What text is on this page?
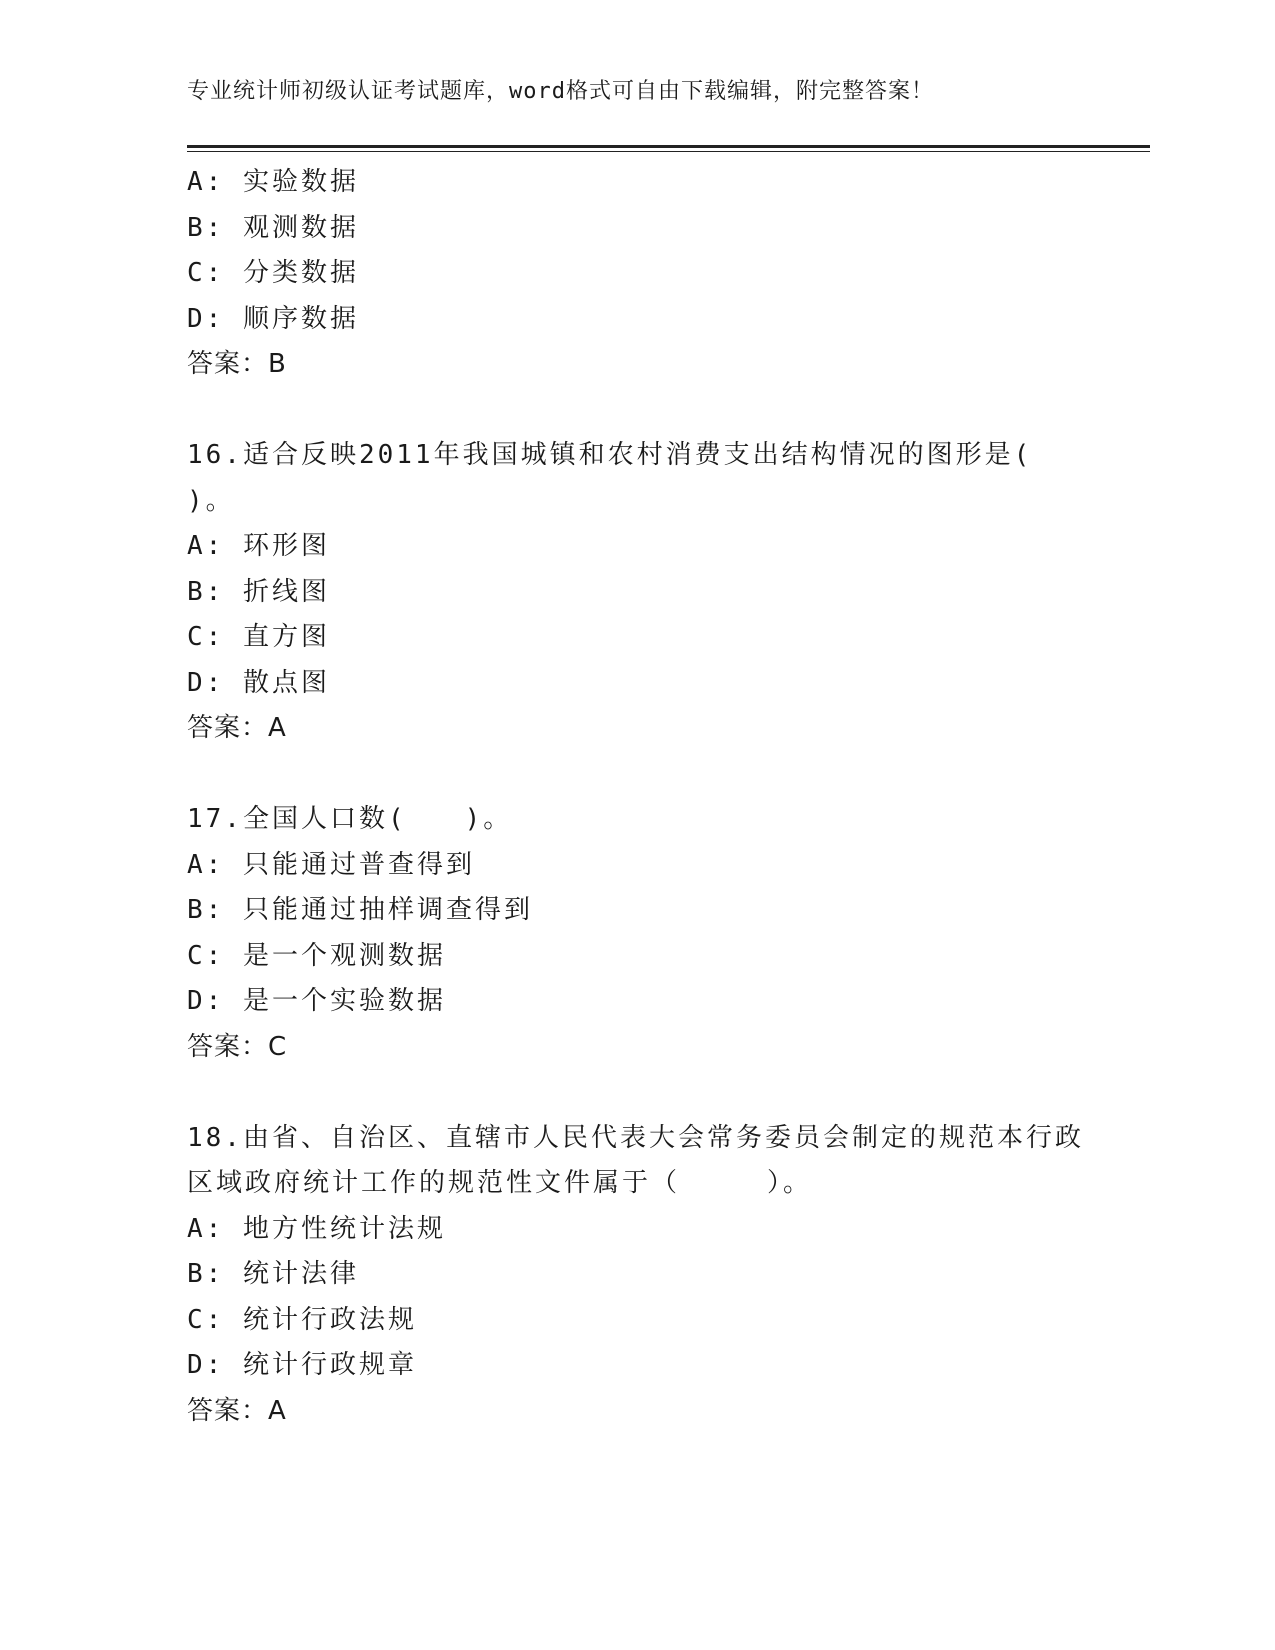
专业统计师初级认证考试题库，word格式可自由下载编辑，附完整答案！
A: 实验数据
B: 观测数据
C: 分类数据
D: 顺序数据
答案：B
16.适合反映2011年我国城镇和农村消费支出结构情况的图形是(
)。
A: 环形图
B: 折线图
C: 直方图
D: 散点图
答案：A
17.全国人口数(　　)。
A: 只能通过普查得到
B: 只能通过抽样调查得到
C: 是一个观测数据
D: 是一个实验数据
答案：C
18.由省、自治区、直辖市人民代表大会常务委员会制定的规范本行政
区域政府统计工作的规范性文件属于（　　　）。
A: 地方性统计法规
B: 统计法律
C: 统计行政法规
D: 统计行政规章
答案：A
